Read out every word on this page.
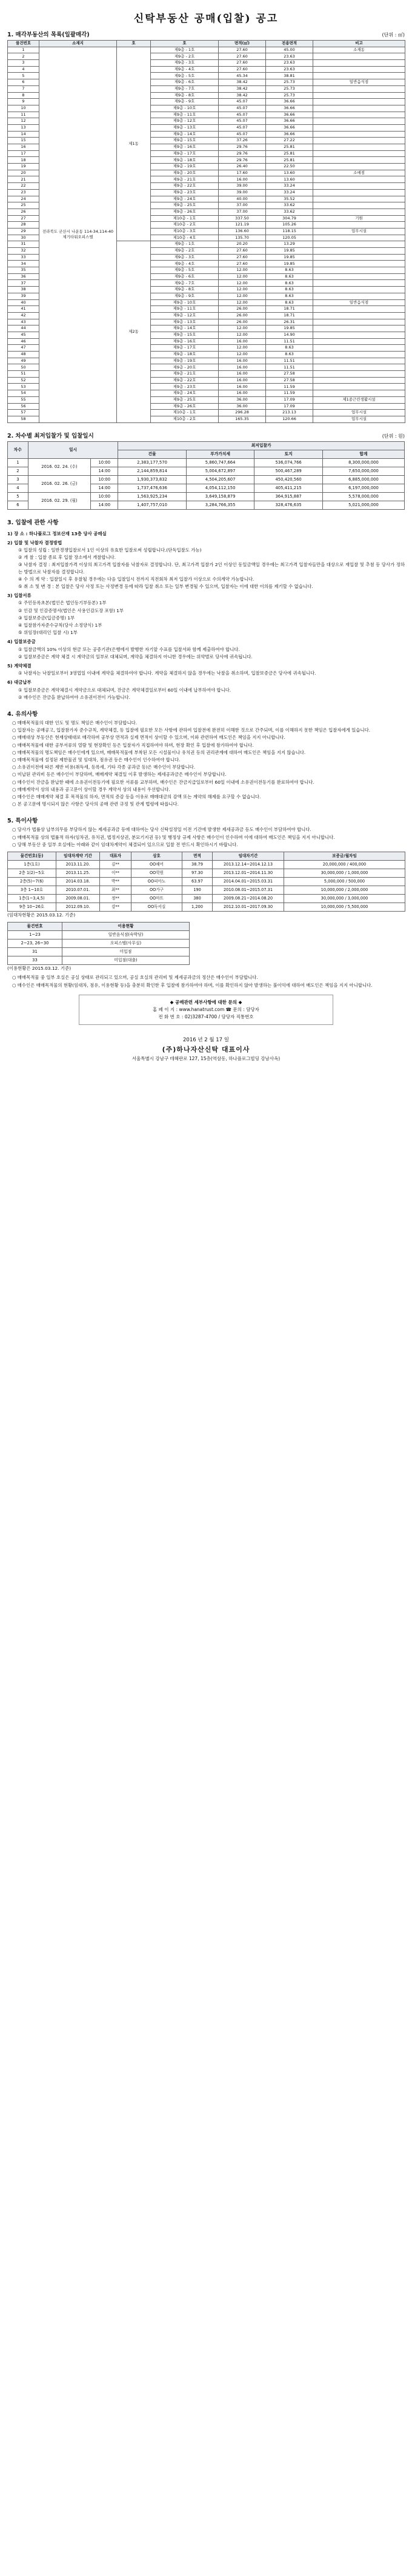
신탁부동산 공매(입찰) 공고
1. 매각부동산의 목록(일괄매각)	(단위 : ㎡)
물건번호	소재지	호	호	면적(㎡)	전용면적	비고
1	전라북도 군산시 나운동 114-34,114-40 제기타워오피스텔	제1동	제9층 - 1호	27.60	45.00	소재동
2			제9층 - 2호	27.60	23.63	
3			제9층 - 3호	27.60	23.63	
4			제9층 - 4호	27.60	23.63	
5			제9층 - 5호	45.34	38.81	
6			제9층 - 6호	38.42	25.73	일반음식점
7			제9층 - 7호	38.42	25.73	
8			제9층 - 8호	38.42	25.73	
9			제9층 - 9호	45.07	36.66	
10			제9층 - 10호	45.07	36.66	
11			제9층 - 11호	45.07	36.66	
12			제9층 - 12호	45.07	36.66	
13			제9층 - 13호	45.07	36.66	
14			제9층 - 14호	45.07	36.66	
15			제9층 - 15호	37.26	27.22	
16			제9층 - 16호	29.76	25.81	
17			제9층 - 17호	29.76	25.81	
18			제9층 - 18호	29.76	25.81	
19			제9층 - 19호	26.40	22.50	
20			제9층 - 20호	17.60	13.60	소매점
21			제9층 - 21호	16.00	13.60	
22			제9층 - 22호	39.00	33.24	
23			제9층 - 23호	39.00	33.24	
24			제9층 - 24호	40.00	35.52	
25			제9층 - 25호	37.00	33.62	
26			제9층 - 26호	37.00	33.62	
27			제10층 - 1호	337.50	304.79	기원
28			제10층 - 2호	121.19	105.26	
29			제10층 - 3호	136.60	118.15	업무시설
30			제10층 - 4호	135.70	120.05	
31		제2동	제9층 - 1호	20.20	13.29	
32			제9층 - 2호	27.60	19.85	
33			제9층 - 3호	27.60	19.85	
34			제9층 - 4호	27.60	19.85	
35			제9층 - 5호	12.00	8.63	
36			제9층 - 6호	12.00	8.63	
37			제9층 - 7호	12.00	8.63	
38			제9층 - 8호	12.00	8.63	
39			제9층 - 9호	12.00	8.63	
40			제9층 - 10호	12.00	8.63	일반음식점
41			제9층 - 11호	26.00	18.71	
42			제9층 - 12호	26.00	18.71	
43			제9층 - 13호	26.00	26.31	
44			제9층 - 14호	12.00	19.85	
45			제9층 - 15호	12.00	14.90	
46			제9층 - 16호	16.00	11.51	
47			제9층 - 17호	12.00	8.63	
48			제9층 - 18호	12.00	8.63	
49			제9층 - 19호	16.00	11.51	
50			제9층 - 20호	16.00	11.51	
51			제9층 - 21호	16.00	27.58	
52			제9층 - 22호	16.00	27.58	
53			제9층 - 23호	16.00	11.59	
54			제9층 - 24호	16.00	11.59	
55			제9층 - 25호	36.00	17.09	제1종근린생활시설
56			제9층 - 26호	36.00	17.09	
57			제10층 - 1호	296.28	213.13	업무시설
58			제10층 - 2호	165.35	120.66	업무시설
2. 차수별 최저입찰가 및 입찰일시	(단위 : 원)
차수	일시		최저입찰가			
			건물	부가가치세	토지	합계
1	2016. 02. 24. (수)	10:00	2,383,177,570	5,860,747,664	536,074,766	8,300,000,000
2		14:00	2,144,859,814	5,004,672,897	500,467,289	7,650,000,000
3	2016. 02. 26. (금)	10:00	1,930,373,832	4,504,205,607	450,420,560	6,885,000,000
4		14:00	1,737,476,636	4,054,112,150	405,411,215	6,197,000,000
5	2016. 02. 29. (월)	10:00	1,563,925,234	3,649,158,879	364,915,887	5,578,000,000
6		14:00	1,407,757,010	3,284,766,355	328,476,635	5,021,000,000
3. 입찰에 관한 사항

1) 장 소 : 하나플로그 정보산재 13층 당사 공매실

2) 입찰 및 낙찰자 결정방법

① 입찰의 성립 : 일반경쟁입찰로서 1인 이상의 유효한 입찰로써 성립합니다.(단독입찰도 가능)

② 개 찰 : 입찰 종료 후 입찰 장소에서 개찰합니다.

③ 낙찰자 결정 : 최저입찰가격 이상의 최고가격 입찰자를 낙찰자로 결정합니다. 단, 최고가격 입찰가 2인 이상인 동일금액일 경우에는 최고가격 입찰자들만을 대상으로 재입찰 및 추첨 등 당사가 정하는 방법으로 낙찰자를 결정합니다.

④ 수 의 계 약 : 입찰일시 후 유찰될 경우에는 다음 입찰일시 전까지 직전회차 최저 입찰가 이상으로 수의계약 가능합니다.

⑤ 취 소 및 변 경 : 본 입찰은 당사 사정 또는 사정변경 등에 따라 입찰 취소 또는 일부 변경될 수 있으며, 입찰자는 이에 대한 이의를 제기할 수 없습니다.

3) 입찰서류

① 주민등록초본(법인은 법인등기부등본) 1부

② 인감 및 인감증명서(법인은 사용인감도장 포함) 1부

③ 입찰보증금(입금증명) 1부

④ 입찰참가자준수규칙(당사 소정양식) 1부

⑤ 위임장(대리인 입찰 시) 1부

4) 입찰보증금

① 입찰금액의 10% 이상의 현금 또는 공증기관(은행에서 발행한 자기앞 수표를 입찰서와 함께 제출하여야 합니다.

② 입찰보증금은 계약 체결 시 계약금의 일부로 대체되며, 계약을 체결하지 아니한 경우에는 위약벌로 당사에 귀속됩니다.

5) 계약체결

① 낙찰자는 낙찰일로부터 3영업일 이내에 계약을 체결하여야 합니다. 계약을 체결하지 않을 경우에는 낙찰을 취소하며, 입찰보증금은 당사에 귀속됩니다.

6) 대금납부

① 입찰보증금은 계약체결시 계약금으로 대체되며, 잔금은 계약체결일로부터 60일 이내에 납부하여야 합니다.

② 매수인은 잔금을 완납하여야 소유권이전이 가능합니다.

4. 유의사항

○ 매매목적물의 대한 인도 및 명도 책임은 매수인이 부담합니다.

○ 입찰자는 공매공고, 입찰참가자 준수규칙, 계약체결, 등 입찰에 필요한 모든 사항에 관하여 입찰전에 완전히 이해한 것으로 간주되며, 이를 이해하지 못한 책임은 입찰자에게 있습니다.

○ 매매대상 부동산은 현재상태대로 매각하며 공부상 면적과 실제 면적이 상이할 수 있으며, 이와 관련하여 매도인은 책임을 지지 아니합니다.

○ 매매목적물에 대한 공부서류의 열람 및 현장확인 등은 입찰자가 직접하여야 하며, 현장 확인 후 입찰에 참가하여야 합니다.

○ 매매목적물의 명도책임은 매수인에게 있으며, 매매목적물에 부착된 모든 시설물이나 유치권 등의 권리관계에 대하여 매도인은 책임을 지지 않습니다.

○ 매매목적물에 설정된 제한물권 및 임대차, 점유권 등은 매수인이 인수하여야 합니다.

○ 소유권이전에 따른 제반 비용(취득세, 등록세, 기타 각종 공과금 등)은 매수인이 부담합니다.

○ 미납된 관리비 등은 매수인이 부담하며, 매매계약 체결일 이후 발생하는 제세공과금은 매수인이 부담합니다.

○ 매수인이 잔금을 완납한 때에 소유권이전등기에 필요한 서류를 교부하며, 매수인은 잔금지급일로부터 60일 이내에 소유권이전등기를 완료하여야 합니다.

○ 매매계약서 상의 내용과 공고문이 상이할 경우 계약서 상의 내용이 우선합니다.

○ 매수인은 매매계약 체결 후 목적물의 하자, 면적의 증감 등을 이유로 매매대금의 감액 또는 계약의 해제를 요구할 수 없습니다.

○ 본 공고문에 명시되지 않은 사항은 당사의 공매 관련 규정 및 관계 법령에 따릅니다.

5. 특이사항

○ 당사가 법률상 납부의무를 부담하지 않는 제세공과금 등에 대하여는 당사 신탁설정일 이전 기간에 발생한 제세공과금 등도 매수인이 부담하여야 합니다.

○ 매매목적물 상의 법률적 하자(임차권, 유치권, 법정지상권, 분묘기지권 등) 및 행정상 규제 사항은 매수인이 인수하며 이에 대하여 매도인은 책임을 지지 아니합니다.

○ 당해 부동산 중 일부 호실에는 아래와 같이 임대차계약이 체결되어 있으므로 입찰 전 반드시 확인하시기 바랍니다.

물건번호(동)	임대차계약 기간	대표자	상호	면적	임대차기간	보증금/월차임
1층(1호)	2013.11.20.	김**	OO헤어	38.79	2013.12.14~2014.12.13	20,000,000 / 400,000
2층 1(2)~5호	2013.11.25.	이**	OO학원	97.30	2013.12.01~2014.11.30	30,000,000 / 1,000,000
2층(5)~7(6)	2014.03.18.	박**	OO피아노	63.97	2014.04.01~2015.03.31	5,000,000 / 500,000
3층 1~10호	2010.07.01.	최**	OO가구	190	2010.08.01~2015.07.31	10,000,000 / 2,000,000
1층(1~3,4,5)	2009.08.01.	정**	OO마트	380	2009.08.21~2014.08.20	30,000,000 / 3,000,000
9층 10~26호	2012.09.10.	강**	OO독서실	1,200	2012.10.01~2017.09.30	10,000,000 / 5,500,000
(임대차현황은 2015.03.12. 기준)
물건번호	이용현황
1~23	일반음식점(숙박당)
2~23, 26~30	오피스텔(사무실)
31	미입점
33	미입점(대출)
(이용현황은 2015.03.12. 기준)

○ 매매목적물 중 일부 호실은 공실 상태로 관리되고 있으며, 공실 호실의 관리비 및 제세공과금의 정산은 매수인이 부담합니다.

○ 매수인은 매매목적물의 현황(임대차, 점유, 이용현황 등)을 충분히 확인한 후 입찰에 참가하여야 하며, 이를 확인하지 않아 발생하는 불이익에 대하여 매도인은 책임을 지지 아니합니다.

◆ 공매관련 세부사항에 대한 문의 ◆
홈 페 이 지 : www.hanatrust.com ☎ 문의 : 담당자
전 화 번 호 : 02)3287-4700 / 담당자 직통번호
2016 년 2 월 17 일
(주)하나자산신탁 대표이사
서울특별시 강남구 테헤란로 127, 15층(역삼동, 하나플로그빌딩 강남사옥)
